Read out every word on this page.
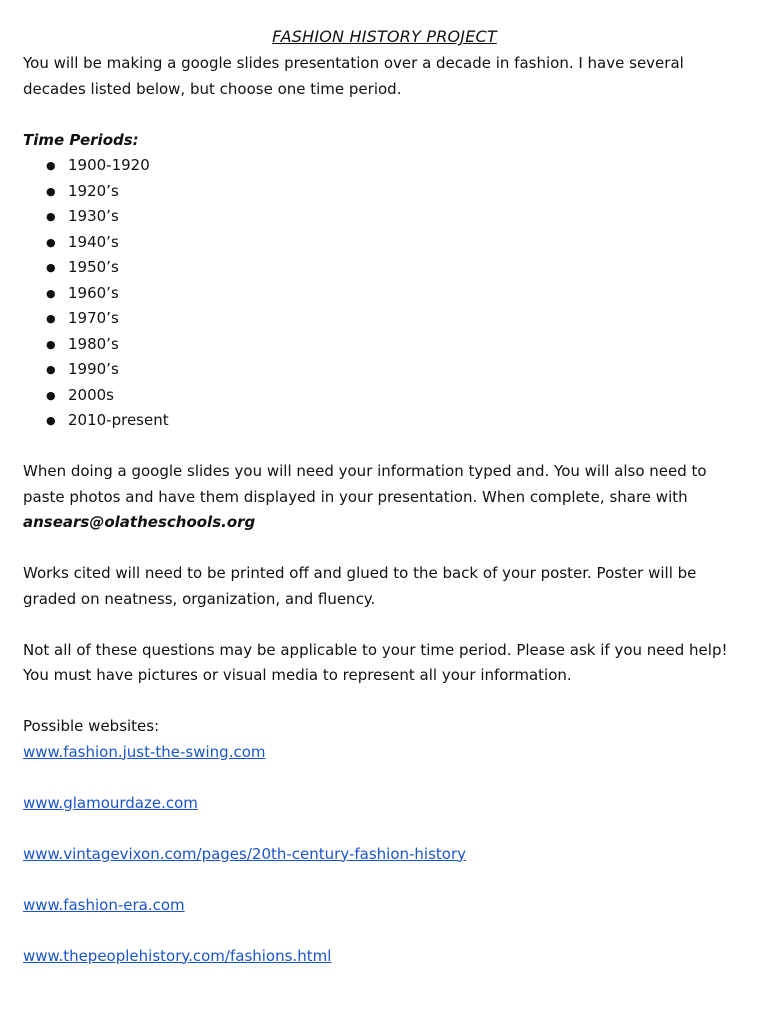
FASHION HISTORY PROJECT

You will be making a google slides presentation over a decade in fashion. I have several decades listed below, but choose one time period.

Time Periods:

● 1900-1920
● 1920’s
● 1930’s
● 1940’s
● 1950’s
● 1960’s
● 1970’s
● 1980’s
● 1990’s
● 2000s
● 2010-present

When doing a google slides you will need your information typed and. You will also need to paste photos and have them displayed in your presentation. When complete, share with

ansears@olatheschools.org

Works cited will need to be printed off and glued to the back of your poster. Poster will be graded on neatness, organization, and fluency.

Not all of these questions may be applicable to your time period. Please ask if you need help!

You must have pictures or visual media to represent all your information.

Possible websites:

www.fashion.just-the-swing.com
www.glamourdaze.com
www.vintagevixon.com/pages/20th-century-fashion-history
www.fashion-era.com
www.thepeoplehistory.com/fashions.html
